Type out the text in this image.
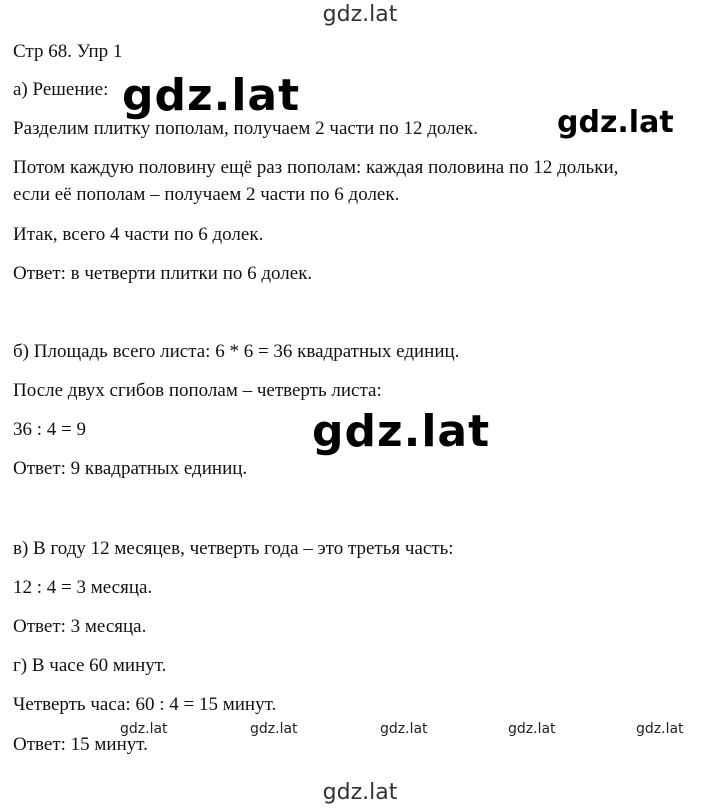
gdz.lat
gdz.lat
gdz.lat
gdz.lat
gdz.lat	gdz.lat	gdz.lat	gdz.lat	gdz.lat
gdz.lat

Стр 68. Упр 1

а) Решение:

Разделим плитку пополам, получаем 2 части по 12 долек.

Потом каждую половину ещё раз пополам: каждая половина по 12 дольки,

если её пополам – получаем 2 части по 6 долек.

Итак, всего 4 части по 6 долек.

Ответ: в четверти плитки по 6 долек.

б) Площадь всего листа: 6 * 6 = 36 квадратных единиц.

После двух сгибов пополам – четверть листа:

36 : 4 = 9

Ответ: 9 квадратных единиц.

в) В году 12 месяцев, четверть года – это третья часть:

12 : 4 = 3 месяца.

Ответ: 3 месяца.

г) В часе 60 минут.

Четверть часа: 60 : 4 = 15 минут.

Ответ: 15 минут.
